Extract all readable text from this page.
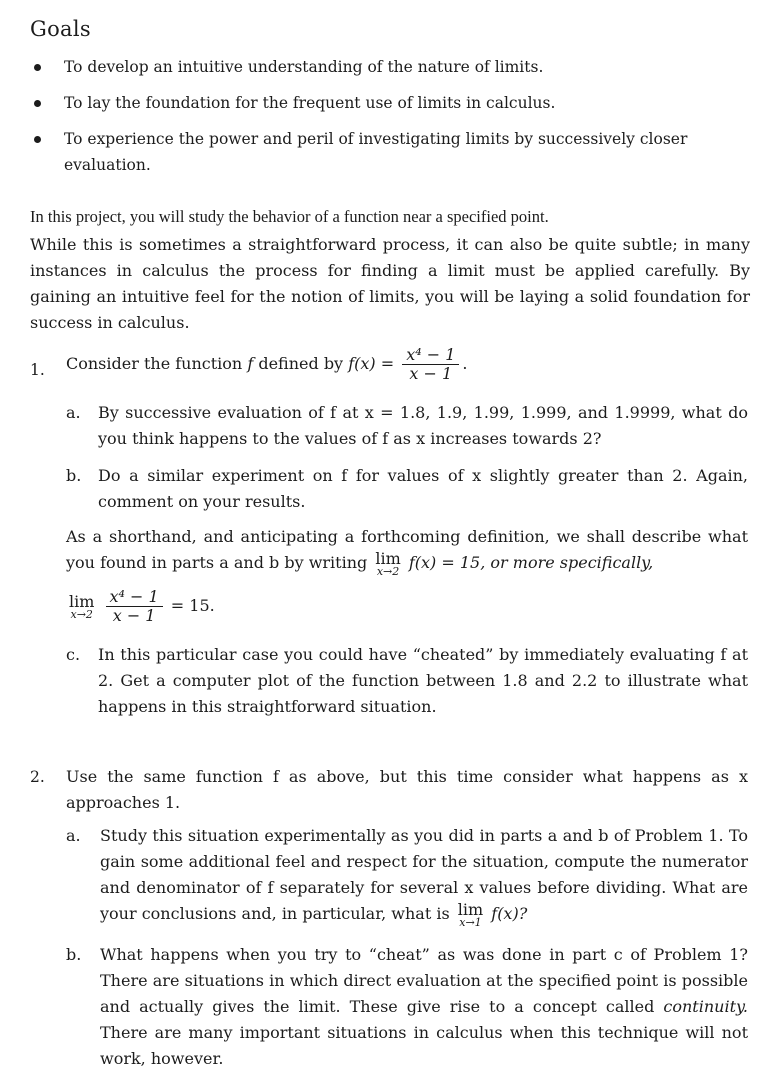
Goals
To develop an intuitive understanding of the nature of limits.
To lay the foundation for the frequent use of limits in calculus.
To experience the power and peril of investigating limits by successively closer evaluation.
In this project, you will study the behavior of a function near a specified point.
While this is sometimes a straightforward process, it can also be quite subtle; in many instances in calculus the process for finding a limit must be applied carefully. By gaining an intuitive feel for the notion of limits, you will be laying a solid foundation for success in calculus.
1. Consider the function f defined by $f(x) = \frac{\text{x⁴ − 1}}{x - 1}$ .
a. By successive evaluation of f at x = 1.8, 1.9, 1.99, 1.999, and 1.9999, what do you think happens to the values of f as x increases towards 2?
b. Do a similar experiment on f for values of x slightly greater than 2. Again, comment on your results.
As a shorthand, and anticipating a forthcoming definition, we shall describe what you found in parts a and b by writing lim
x→2 f(x) = 15, or more specifically,
lim
x→2
$\frac{\text{x⁴ − 1}}{x - 1} = 15$.
c. In this particular case you could have “cheated” by immediately evaluating f at 2. Get a computer plot of the function between 1.8 and 2.2 to illustrate what happens in this straightforward situation.
2. Use the same function f as above, but this time consider what happens as x approaches 1.
a. Study this situation experimentally as you did in parts a and b of Problem 1. To gain some additional feel and respect for the situation, compute the numerator and denominator of f separately for several x values before dividing. What are your conclusions and, in particular, what is lim
x→1 f(x)?
b. What happens when you try to “cheat” as was done in part c of Problem 1? There are situations in which direct evaluation at the specified point is possible and actually gives the limit. These give rise to a concept called continuity. There are many important situations in calculus when this technique will not work, however.
